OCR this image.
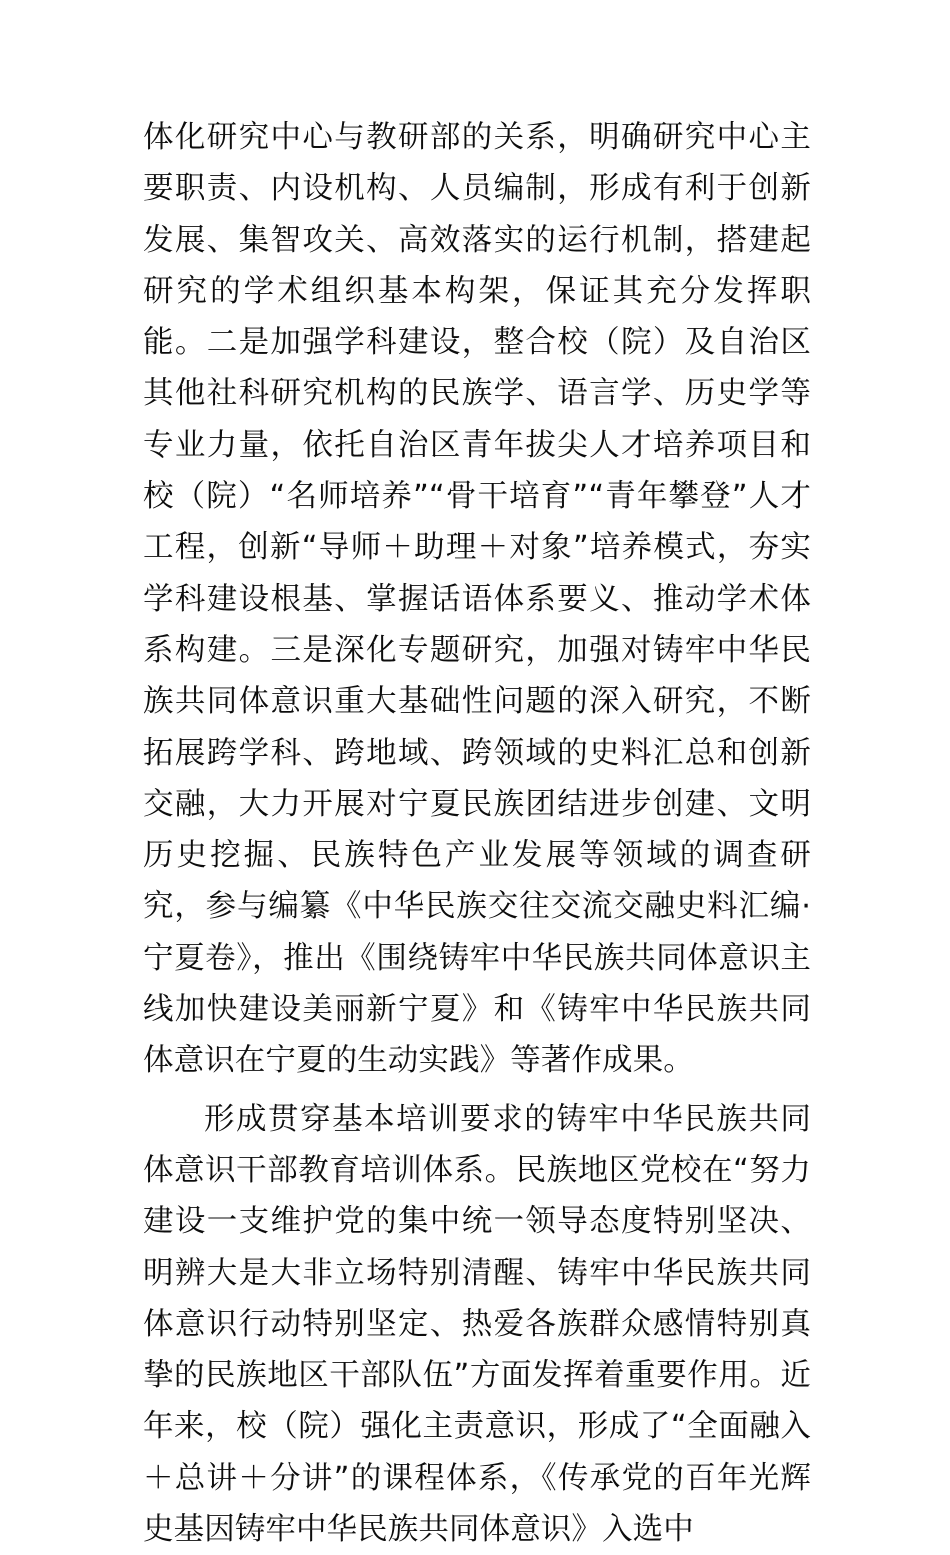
体化研究中心与教研部的关系，明确研究中心主要职责、内设机构、人员编制，形成有利于创新发展、集智攻关、高效落实的运行机制，搭建起研究的学术组织基本构架，保证其充分发挥职能。二是加强学科建设，整合校（院）及自治区其他社科研究机构的民族学、语言学、历史学等专业力量，依托自治区青年拔尖人才培养项目和校（院）“名师培养”“骨干培育”“青年攀登”人才工程，创新“导师＋助理＋对象”培养模式，夯实学科建设根基、掌握话语体系要义、推动学术体系构建。三是深化专题研究，加强对铸牢中华民族共同体意识重大基础性问题的深入研究，不断拓展跨学科、跨地域、跨领域的史料汇总和创新交融，大力开展对宁夏民族团结进步创建、文明历史挖掘、民族特色产业发展等领域的调查研究，参与编纂《中华民族交往交流交融史料汇编·宁夏卷》，推出《围绕铸牢中华民族共同体意识主线加快建设美丽新宁夏》和《铸牢中华民族共同体意识在宁夏的生动实践》等著作成果。

形成贯穿基本培训要求的铸牢中华民族共同体意识干部教育培训体系。民族地区党校在“努力建设一支维护党的集中统一领导态度特别坚决、明辨大是大非立场特别清醒、铸牢中华民族共同体意识行动特别坚定、热爱各族群众感情特别真挚的民族地区干部队伍”方面发挥着重要作用。近年来，校（院）强化主责意识，形成了“全面融入＋总讲＋分讲”的课程体系，《传承党的百年光辉史基因铸牢中华民族共同体意识》入选中
